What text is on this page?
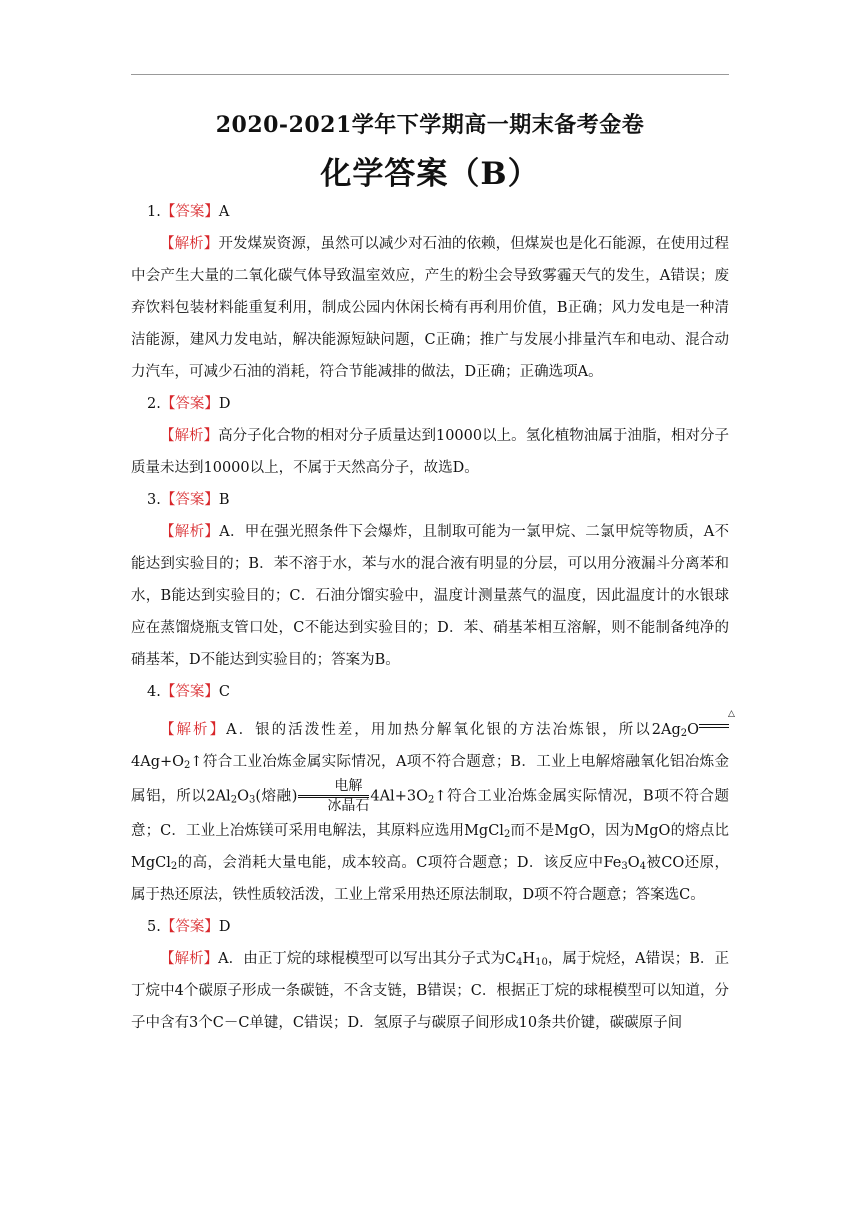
2020-2021学年下学期高一期末备考金卷
化学答案（B）

1.【答案】A

【解析】开发煤炭资源，虽然可以减少对石油的依赖，但煤炭也是化石能源，在使用过程中会产生大量的二氧化碳气体导致温室效应，产生的粉尘会导致雾霾天气的发生，A错误；废弃饮料包装材料能重复利用，制成公园内休闲长椅有再利用价值，B正确；风力发电是一种清洁能源，建风力发电站，解决能源短缺问题，C正确；推广与发展小排量汽车和电动、混合动力汽车，可减少石油的消耗，符合节能减排的做法，D正确；正确选项A。

2.【答案】D

【解析】高分子化合物的相对分子质量达到10000以上。氢化植物油属于油脂，相对分子质量未达到10000以上，不属于天然高分子，故选D。

3.【答案】B

【解析】A．甲在强光照条件下会爆炸，且制取可能为一氯甲烷、二氯甲烷等物质，A不能达到实验目的；B．苯不溶于水，苯与水的混合液有明显的分层，可以用分液漏斗分离苯和水，B能达到实验目的；C．石油分馏实验中，温度计测量蒸气的温度，因此温度计的水银球应在蒸馏烧瓶支管口处，C不能达到实验目的；D．苯、硝基苯相互溶解，则不能制备纯净的硝基苯，D不能达到实验目的；答案为B。

4.【答案】C

【解析】A．银的活泼性差，用加热分解氧化银的方法冶炼银，所以$2Ag_2O$
△
$4Ag+O_2↑$符合工业冶炼金属实际情况，A项不符合题意；B．工业上电解熔融氧化铝冶炼金属铝，所以$2Al_2O_3$(熔融)
电解
冰晶石
$4Al+3O_2↑$符合工业冶炼金属实际情况，B项不符合题意；C．工业上冶炼镁可采用电解法，其原料应选用MgCl$_2$而不是MgO，因为MgO的熔点比MgCl$_2$的高，会消耗大量电能，成本较高。C项符合题意；D．该反应中$Fe_3O_4$被CO还原，属于热还原法，铁性质较活泼，工业上常采用热还原法制取，D项不符合题意；答案选C。

5.【答案】D

【解析】A．由正丁烷的球棍模型可以写出其分子式为$C_4H_{10}$，属于烷烃，A错误；B．正丁烷中4个碳原子形成一条碳链，不含支链，B错误；C．根据正丁烷的球棍模型可以知道，分子中含有3个C－C单键，C错误；D．氢原子与碳原子间形成10条共价键，碳碳原子间
